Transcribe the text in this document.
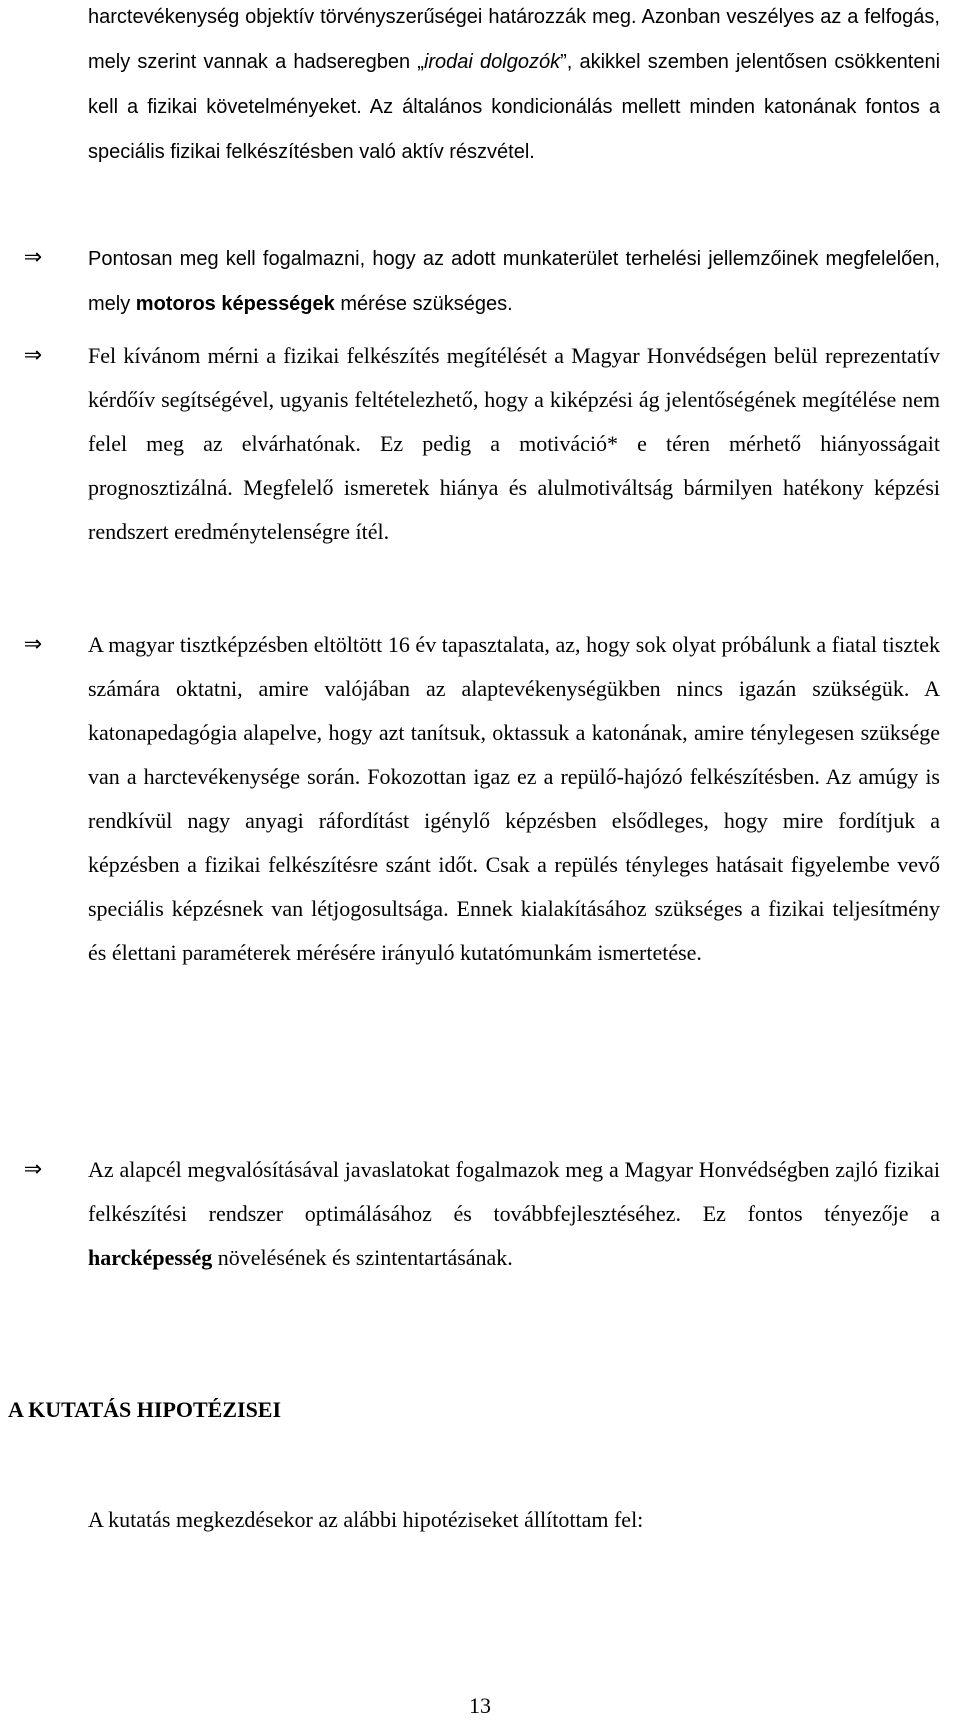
harctevékenység objektív törvényszerűségei határozzák meg. Azonban veszélyes az a felfogás, mely szerint vannak a hadseregben „irodai dolgozók”, akikkel szemben jelentősen csökkenteni kell a fizikai követelményeket. Az általános kondicionálás mellett minden katonának fontos a speciális fizikai felkészítésben való aktív részvétel.

⇒	Pontosan meg kell fogalmazni, hogy az adott munkaterület terhelési jellemzőinek megfelelően, mely motoros képességek mérése szükséges.

⇒	Fel kívánom mérni a fizikai felkészítés megítélését a Magyar Honvédségen belül reprezentatív kérdőív segítségével, ugyanis feltételezhető, hogy a kiképzési ág jelentőségének megítélése nem felel meg az elvárhatónak. Ez pedig a motiváció* e téren mérhető hiányosságait prognosztizálná. Megfelelő ismeretek hiánya és alulmotiváltság bármilyen hatékony képzési rendszert eredménytelenségre ítél.

⇒	A magyar tisztképzésben eltöltött 16 év tapasztalata, az, hogy sok olyat próbálunk a fiatal tisztek számára oktatni, amire valójában az alaptevékenységükben nincs igazán szükségük. A katonapedagógia alapelve, hogy azt tanítsuk, oktassuk a katonának, amire ténylegesen szüksége van a harctevékenysége során. Fokozottan igaz ez a repülő-hajózó felkészítésben. Az amúgy is rendkívül nagy anyagi ráfordítást igénylő képzésben elsődleges, hogy mire fordítjuk a képzésben a fizikai felkészítésre szánt időt. Csak a repülés tényleges hatásait figyelembe vevő speciális képzésnek van létjogosultsága. Ennek kialakításához szükséges a fizikai teljesítmény és élettani paraméterek mérésére irányuló kutatómunkám ismertetése.

⇒	Az alapcél megvalósításával javaslatokat fogalmazok meg a Magyar Honvédségben zajló fizikai felkészítési rendszer optimálásához és továbbfejlesztéséhez. Ez fontos tényezője a harcképesség növelésének és szintentartásának.

A KUTATÁS HIPOTÉZISEI
A kutatás megkezdésekor az alábbi hipotéziseket állítottam fel:
13
